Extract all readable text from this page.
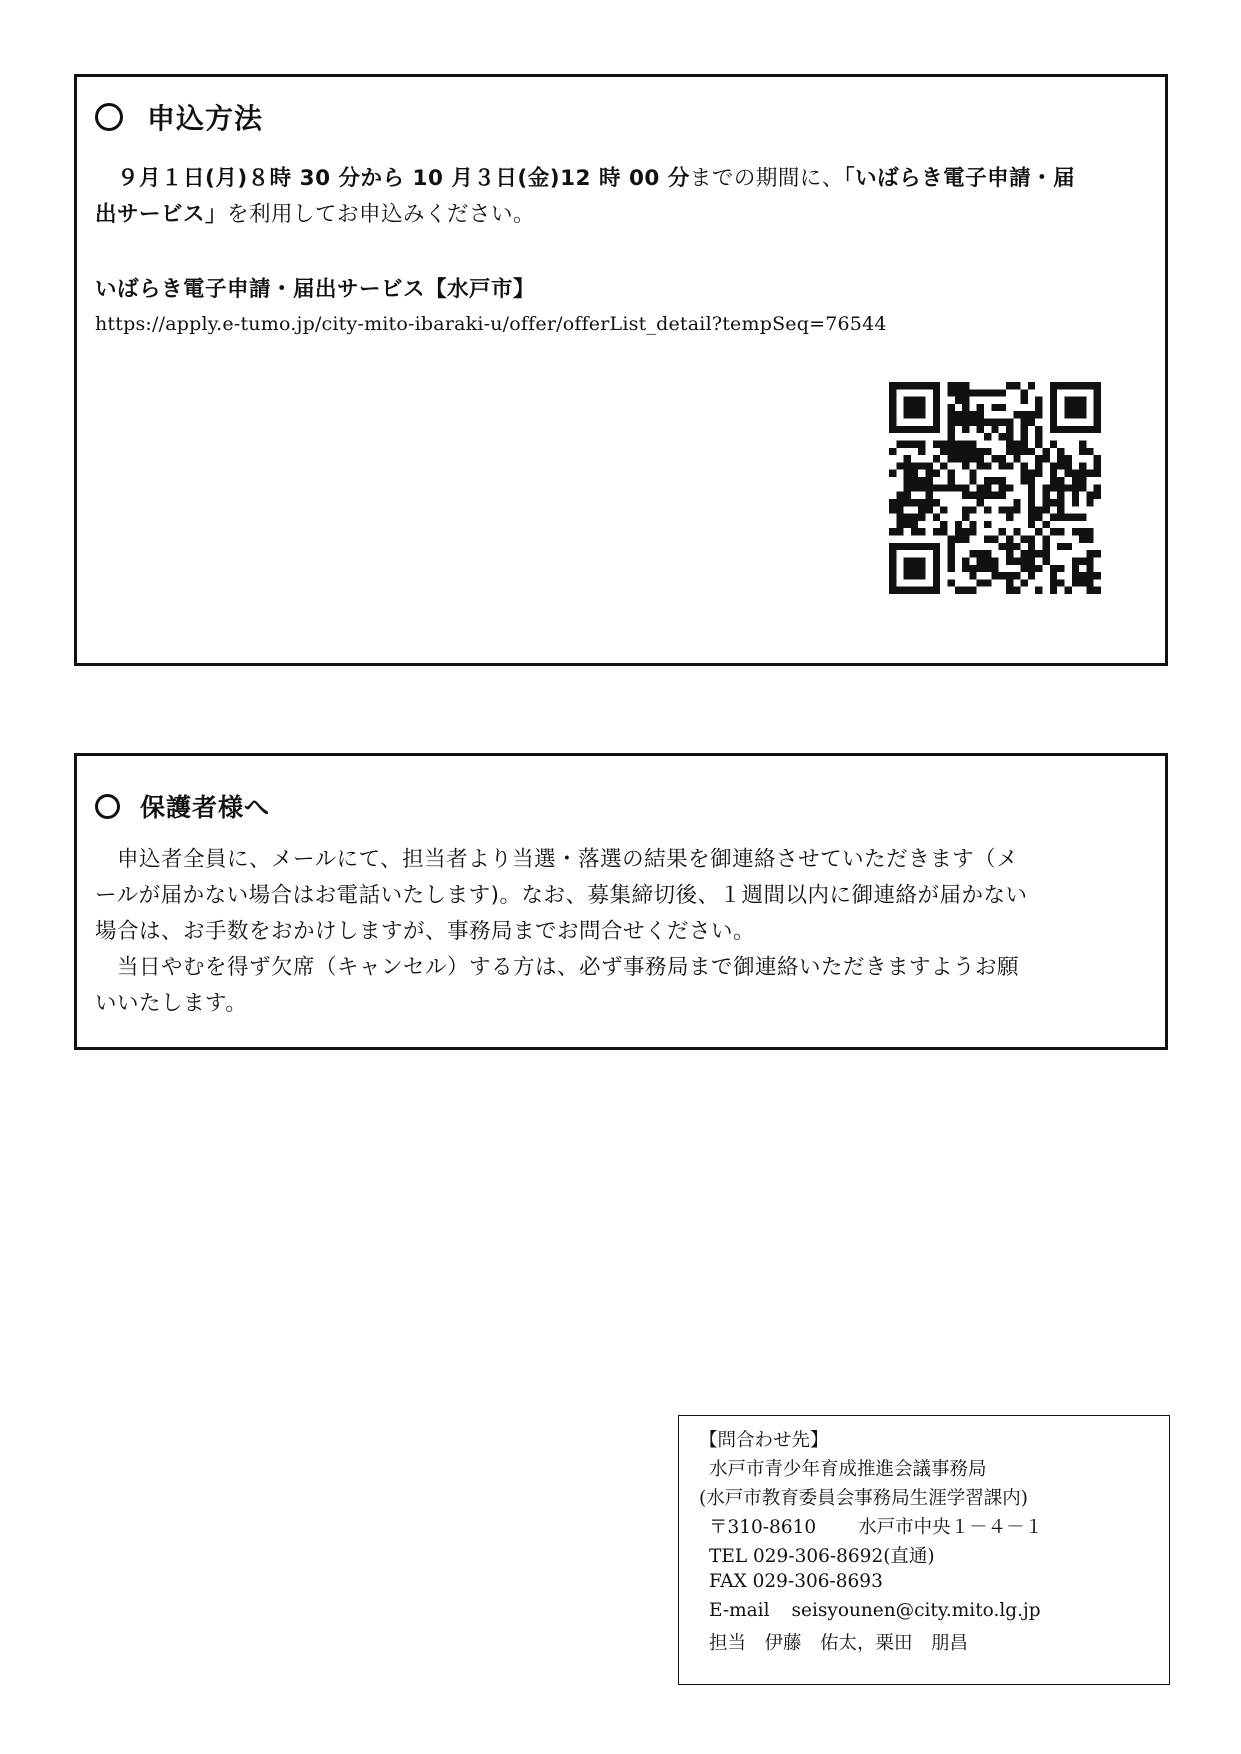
申込方法
９月１日(月)８時 30 分から 10 月３日(金)12 時 00 分までの期間に、「いばらき電子申請・届
出サービス」を利用してお申込みください。
いばらき電子申請・届出サービス【水戸市】
https://apply.e-tumo.jp/city-mito-ibaraki-u/offer/offerList_detail?tempSeq=76544
保護者様へ
申込者全員に、メールにて、担当者より当選・落選の結果を御連絡させていただきます（メ
ールが届かない場合はお電話いたします)。なお、募集締切後、１週間以内に御連絡が届かない
場合は、お手数をおかけしますが、事務局までお問合せください。
当日やむを得ず欠席（キャンセル）する方は、必ず事務局まで御連絡いただきますようお願
いいたします。
【問合わせ先】
水戸市青少年育成推進会議事務局
(水戸市教育委員会事務局生涯学習課内)
〒310-8610 水戸市中央１－４－１
TEL 029-306-8692(直通)
FAX 029-306-8693
E-mail seisyounen@city.mito.lg.jp
担当　伊藤　佑太，栗田　朋昌
